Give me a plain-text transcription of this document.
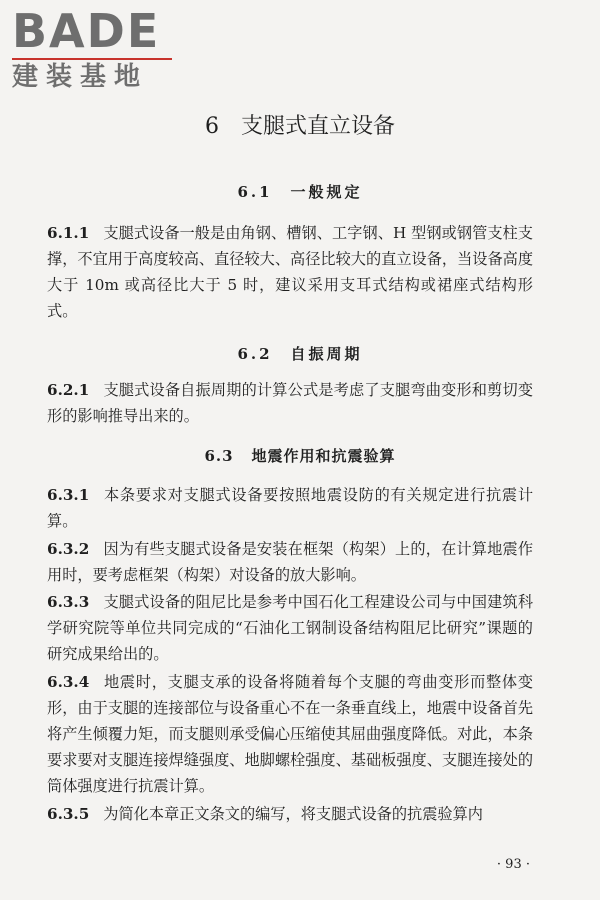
BADE
建装基地
6 支腿式直立设备
6.1 一般规定
6.1.1 支腿式设备一般是由角钢、槽钢、工字钢、H 型钢或钢管支柱支撑，不宜用于高度较高、直径较大、高径比较大的直立设备，当设备高度大于 10m 或高径比大于 5 时，建议采用支耳式结构或裙座式结构形式。
6.2 自振周期
6.2.1 支腿式设备自振周期的计算公式是考虑了支腿弯曲变形和剪切变形的影响推导出来的。
6.3 地震作用和抗震验算
6.3.1 本条要求对支腿式设备要按照地震设防的有关规定进行抗震计算。
6.3.2 因为有些支腿式设备是安装在框架（构架）上的，在计算地震作用时，要考虑框架（构架）对设备的放大影响。
6.3.3 支腿式设备的阻尼比是参考中国石化工程建设公司与中国建筑科学研究院等单位共同完成的“石油化工钢制设备结构阻尼比研究”课题的研究成果给出的。
6.3.4 地震时，支腿支承的设备将随着每个支腿的弯曲变形而整体变形，由于支腿的连接部位与设备重心不在一条垂直线上，地震中设备首先将产生倾覆力矩，而支腿则承受偏心压缩使其屈曲强度降低。对此，本条要求要对支腿连接焊缝强度、地脚螺栓强度、基础板强度、支腿连接处的筒体强度进行抗震计算。
6.3.5 为简化本章正文条文的编写，将支腿式设备的抗震验算内
· 93 ·
